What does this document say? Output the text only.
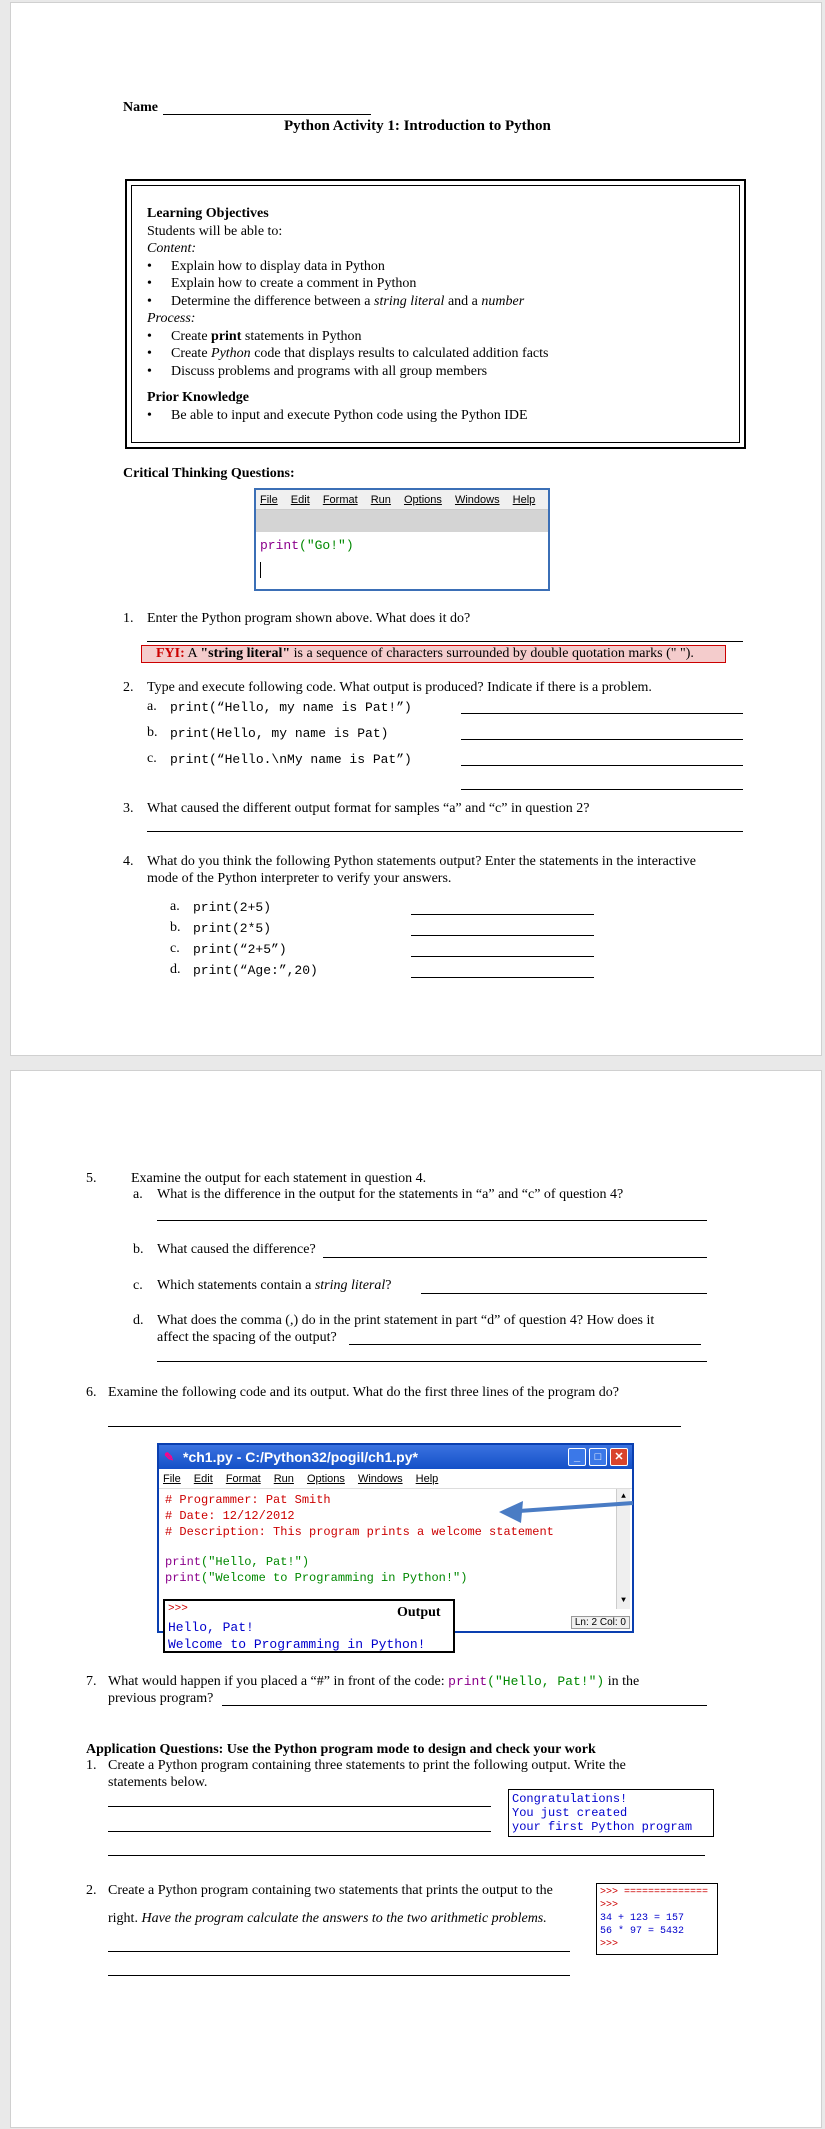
Name
Python Activity 1: Introduction to Python
Learning Objectives
Students will be able to:
Content:
• Explain how to display data in Python
• Explain how to create a comment in Python
• Determine the difference between a string literal and a number
Process:
• Create print statements in Python
• Create Python code that displays results to calculated addition facts
• Discuss problems and programs with all group members
Prior Knowledge
• Be able to input and execute Python code using the Python IDE
Critical Thinking Questions:
File Edit Format Run Options Windows Help
print("Go!")
1. Enter the Python program shown above. What does it do?
FYI: A "string literal" is a sequence of characters surrounded by double quotation marks (" ").
2. Type and execute following code. What output is produced? Indicate if there is a problem.
a. print(“Hello, my name is Pat!”)
b. print(Hello, my name is Pat)
c. print(“Hello.\nMy name is Pat”)
3. What caused the different output format for samples “a” and “c” in question 2?
4. What do you think the following Python statements output? Enter the statements in the interactive
mode of the Python interpreter to verify your answers.
a. print(2+5)
b. print(2*5)
c. print(“2+5”)
d. print(“Age:”,20)
5. Examine the output for each statement in question 4.
a. What is the difference in the output for the statements in “a” and “c” of question 4?
b. What caused the difference?
c. Which statements contain a string literal?
d. What does the comma (,) do in the print statement in part “d” of question 4? How does it
affect the spacing of the output?
6. Examine the following code and its output. What do the first three lines of the program do?
✎ *ch1.py - C:/Python32/pogil/ch1.py*	_	□	✕
File Edit Format Run Options Windows Help
# Programmer: Pat Smith
# Date: 12/12/2012
# Description: This program prints a welcome statement
print("Hello, Pat!")
print("Welcome to Programming in Python!")
▲
▼
Ln: 2 Col: 0
>>>	Output
Hello, Pat!
Welcome to Programming in Python!
7. What would happen if you placed a “#” in front of the code: print("Hello, Pat!") in the
previous program?
Application Questions: Use the Python program mode to design and check your work
1. Create a Python program containing three statements to print the following output. Write the
statements below.
Congratulations!
You just created
your first Python program
2. Create a Python program containing two statements that prints the output to the
right. Have the program calculate the answers to the two arithmetic problems.
>>> ==============
>>>
34 + 123 = 157
56 * 97 = 5432
>>>
